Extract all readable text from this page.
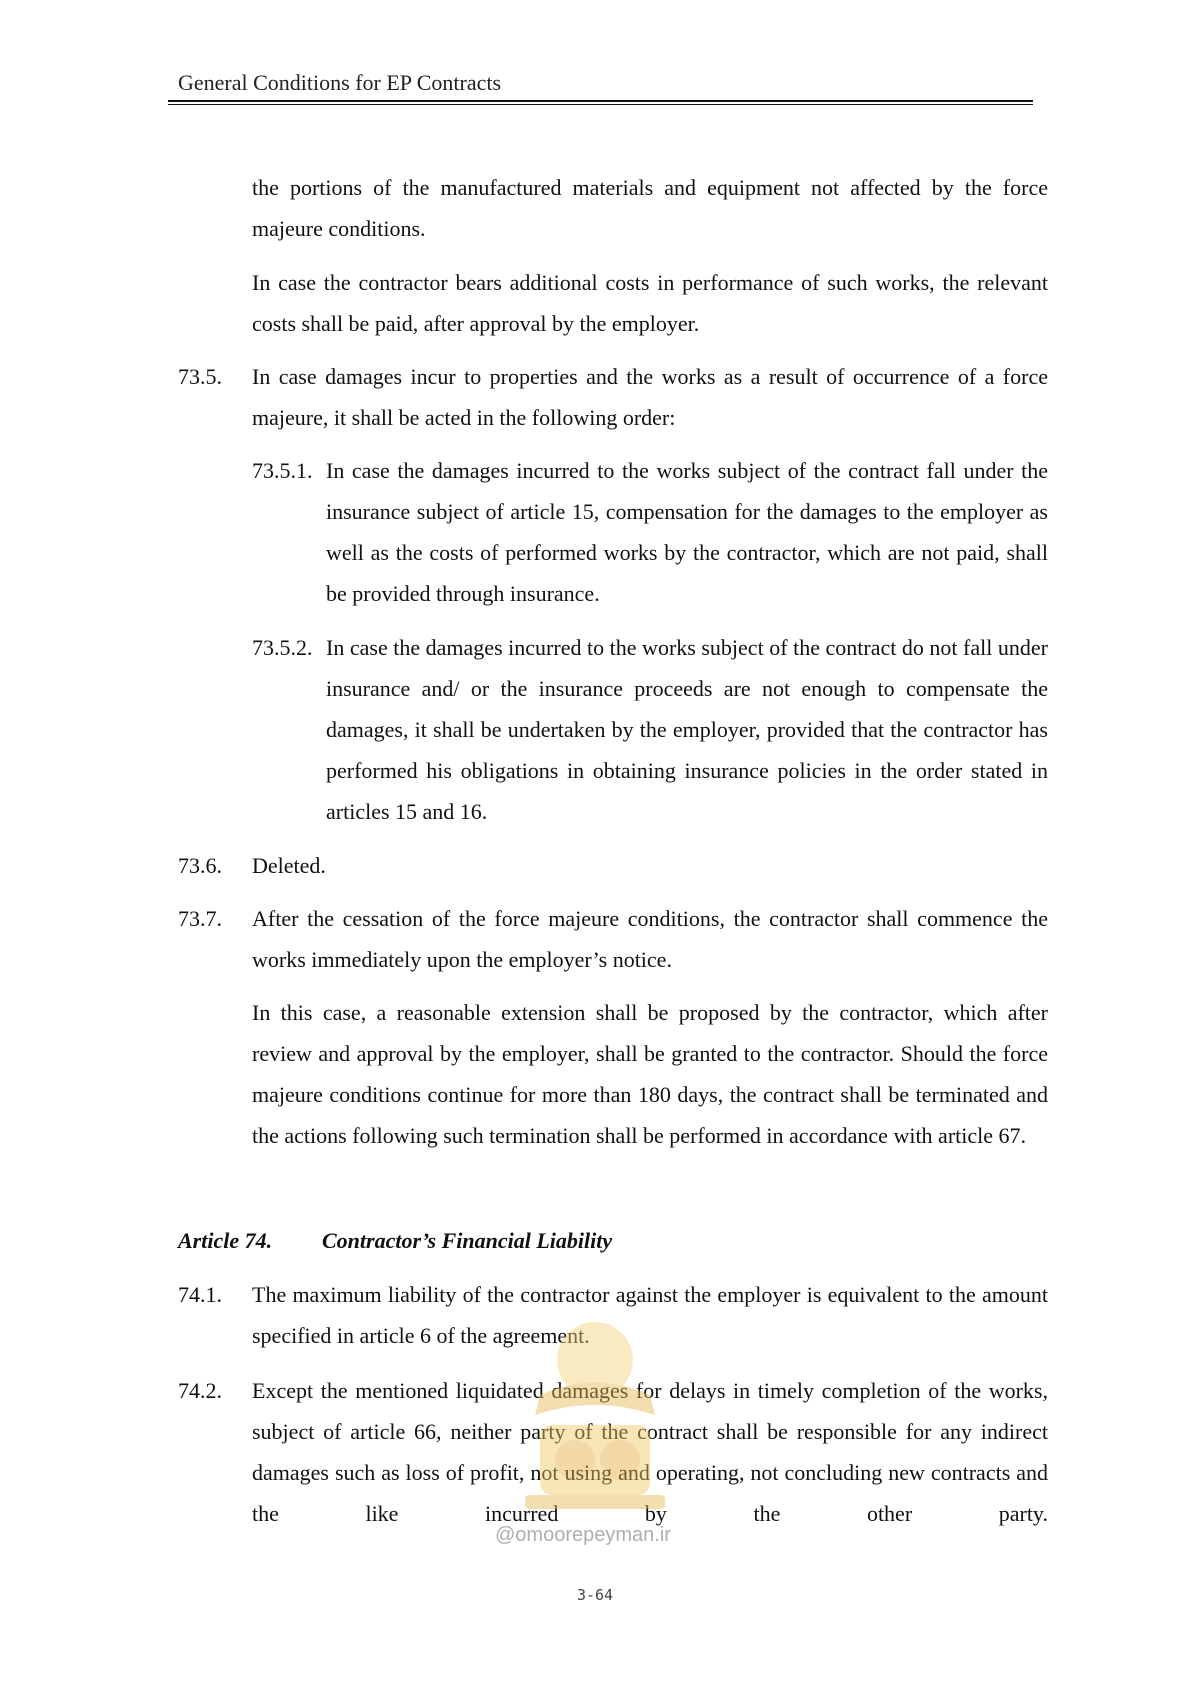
General Conditions for EP Contracts
the portions of the manufactured materials and equipment not affected by the force majeure conditions.
In case the contractor bears additional costs in performance of such works, the relevant costs shall be paid, after approval by the employer.
73.5. In case damages incur to properties and the works as a result of occurrence of a force majeure, it shall be acted in the following order:
73.5.1. In case the damages incurred to the works subject of the contract fall under the insurance subject of article 15, compensation for the damages to the employer as well as the costs of performed works by the contractor, which are not paid, shall be provided through insurance.
73.5.2. In case the damages incurred to the works subject of the contract do not fall under insurance and/ or the insurance proceeds are not enough to compensate the damages, it shall be undertaken by the employer, provided that the contractor has performed his obligations in obtaining insurance policies in the order stated in articles 15 and 16.
73.6. Deleted.
73.7. After the cessation of the force majeure conditions, the contractor shall commence the works immediately upon the employer’s notice.
In this case, a reasonable extension shall be proposed by the contractor, which after review and approval by the employer, shall be granted to the contractor. Should the force majeure conditions continue for more than 180 days, the contract shall be terminated and the actions following such termination shall be performed in accordance with article 67.
Article 74. Contractor’s Financial Liability
74.1. The maximum liability of the contractor against the employer is equivalent to the amount specified in article 6 of the agreement.
74.2. Except the mentioned liquidated damages for delays in timely completion of the works, subject of article 66, neither party of the contract shall be responsible for any indirect damages such as loss of profit, not using and operating, not concluding new contracts and the like incurred by the other party.
@omoorepeyman.ir
3-64
